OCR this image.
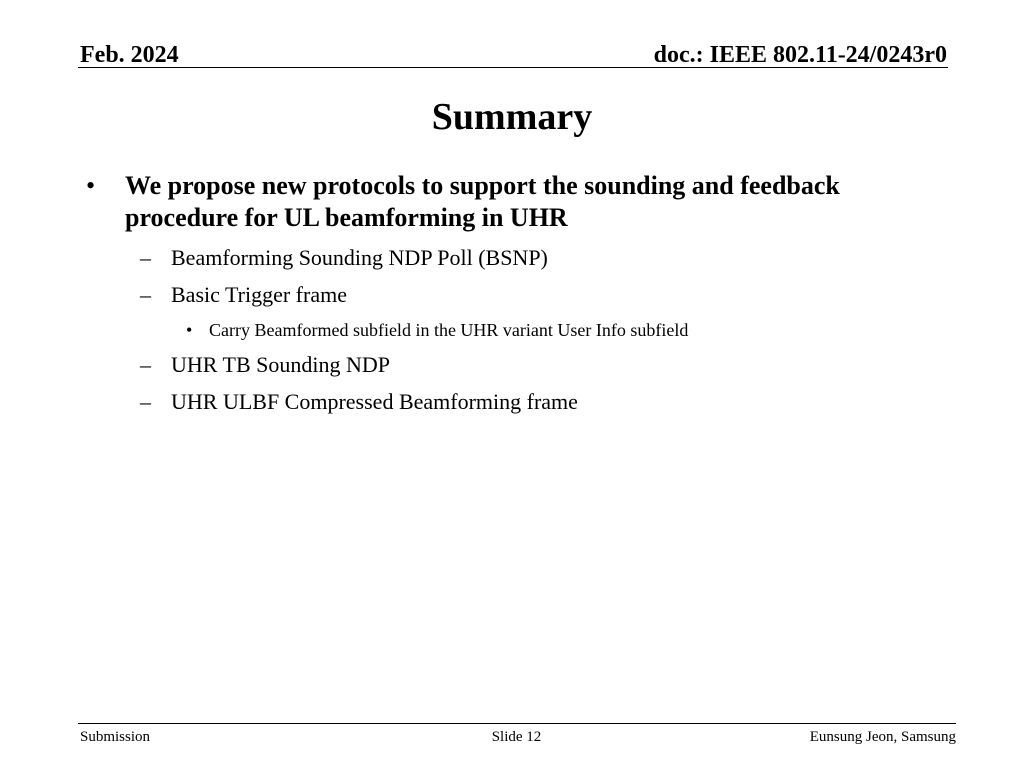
Feb. 2024	doc.: IEEE 802.11-24/0243r0
Summary
• We propose new protocols to support the sounding and feedback procedure for UL beamforming in UHR
– Beamforming Sounding NDP Poll (BSNP)
– Basic Trigger frame
• Carry Beamformed subfield in the UHR variant User Info subfield
– UHR TB Sounding NDP
– UHR ULBF Compressed Beamforming frame
Submission	Slide 12	Eunsung Jeon, Samsung
